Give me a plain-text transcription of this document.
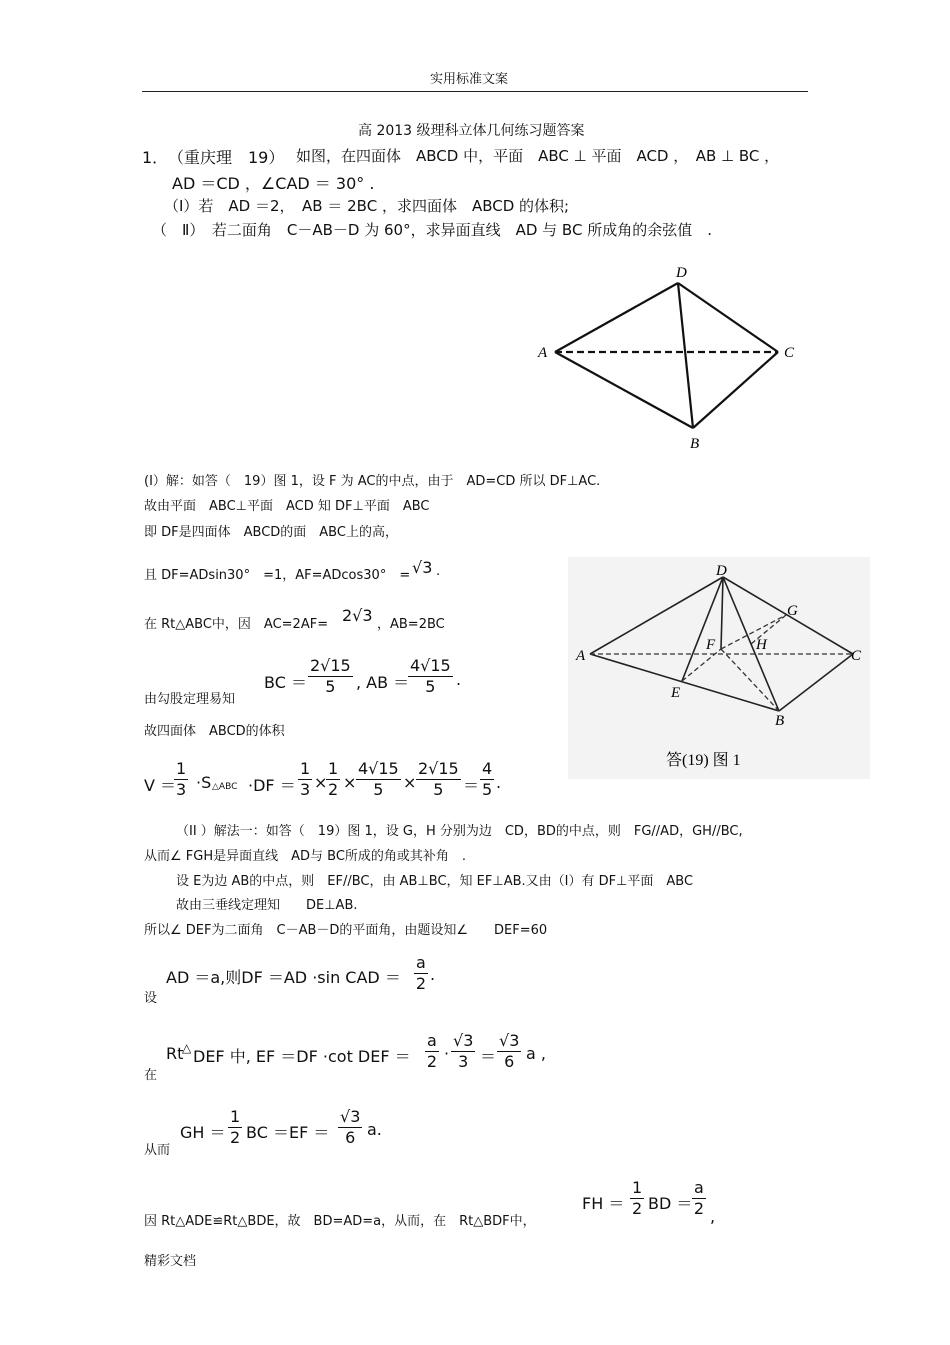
实用标准文案
高 2013 级理科立体几何练习题答案
1． （重庆理　19） 如图，在四面体　ABCD 中，平面　ABC ⊥ 平面　ACD ，　AB ⊥ BC ，
AD ＝CD ，∠CAD ＝ 30° .
（Ⅰ）若　AD ＝2，　AB ＝ 2BC ，求四面体　ABCD 的体积;
（　Ⅱ）　若二面角　C－AB－D 为 60°，求异面直线　AD 与 BC 所成角的余弦值　.
D
A	C
B
D
G
F	H
A	C
E
B
答(19) 图 1
(I）解：如答（　19）图 1，设 F 为 AC的中点，由于　AD=CD 所以 DF⊥AC.
故由平面　ABC⊥平面　ACD 知 DF⊥平面　ABC
即 DF是四面体　ABCD的面　ABC上的高，
且 DF=ADsin30°　=1，AF=ADcos30°　= √3 .
在 Rt△ABC中，因　AC=2AF= 2√3 ，AB=2BC
由勾股定理易知
BC ＝
2√15
5	, AB ＝
4√15
5	.
故四面体　ABCD的体积
V ＝
1
3 ·S △ABC ·DF ＝
1
3 ×
1
2 ×
4√15
5	×
2√15
5	＝
4
5 .
（II ）解法一：如答（　19）图 1，设 G，H 分别为边　CD，BD的中点，则　FG//AD，GH//BC,
从而∠ FGH是异面直线　AD与 BC所成的角或其补角　.
设 E为边 AB的中点，则　EF//BC，由 AB⊥BC，知 EF⊥AB.又由（Ⅰ）有 DF⊥平面　ABC
故由三垂线定理知　　DE⊥AB.
所以∠ DEF为二面角　C－AB－D的平面角，由题设知∠　　DEF=60
AD ＝a,则DF ＝AD ·sin CAD ＝
a
2 .
设
Rt
△ DEF 中, EF ＝DF ·cot DEF ＝
a
2 ·
√3
3 ＝
√3
6 a ,
在
GH ＝
1
2 BC ＝EF ＝
√3
6 a.
从而
因 Rt△ADE≌Rt△BDE，故　BD=AD=a，从而，在　Rt△BDF中，
FH ＝
1
2 BD ＝
a
2 ,
精彩文档
